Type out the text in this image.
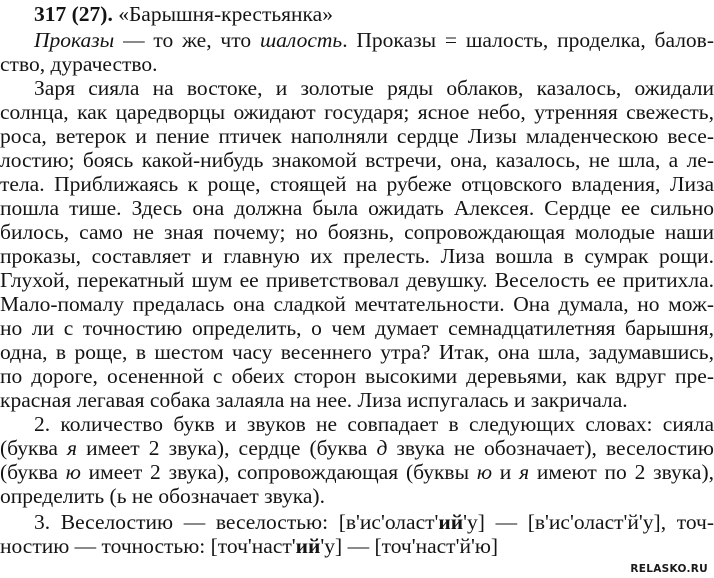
317 (27). «Барышня-крестьянка»
Проказы — то же, что шалость. Проказы = шалость, проделка, балов-
ство, дурачество.
Заря сияла на востоке, и золотые ряды облаков, казалось, ожидали
солнца, как царедворцы ожидают государя; ясное небо, утренняя свежесть,
роса, ветерок и пение птичек наполняли сердце Лизы младенческою весе-
лостию; боясь какой-нибудь знакомой встречи, она, казалось, не шла, а ле-
тела. Приближаясь к роще, стоящей на рубеже отцовского владения, Лиза
пошла тише. Здесь она должна была ожидать Алексея. Сердце ее сильно
билось, само не зная почему; но боязнь, сопровождающая молодые наши
проказы, составляет и главную их прелесть. Лиза вошла в сумрак рощи.
Глухой, перекатный шум ее приветствовал девушку. Веселость ее притихла.
Мало-помалу предалась она сладкой мечтательности. Она думала, но мож-
но ли с точностию определить, о чем думает семнадцатилетняя барышня,
одна, в роще, в шестом часу весеннего утра? Итак, она шла, задумавшись,
по дороге, осененной с обеих сторон высокими деревьями, как вдруг пре-
красная легавая собака залаяла на нее. Лиза испугалась и закричала.
2. количество букв и звуков не совпадает в следующих словах: сияла
(буква я имеет 2 звука), сердце (буква д звука не обозначает), веселостию
(буква ю имеет 2 звука), сопровождающая (буквы ю и я имеют по 2 звука),
определить (ь не обозначает звука).
3. Веселостию — веселостью: [в'ис'оласт'ий'у] — [в'ис'оласт'й'у], точ-
ностию — точностью: [точ'наст'ий'у] — [точ'наст'й'ю]
RELASKO.RU
